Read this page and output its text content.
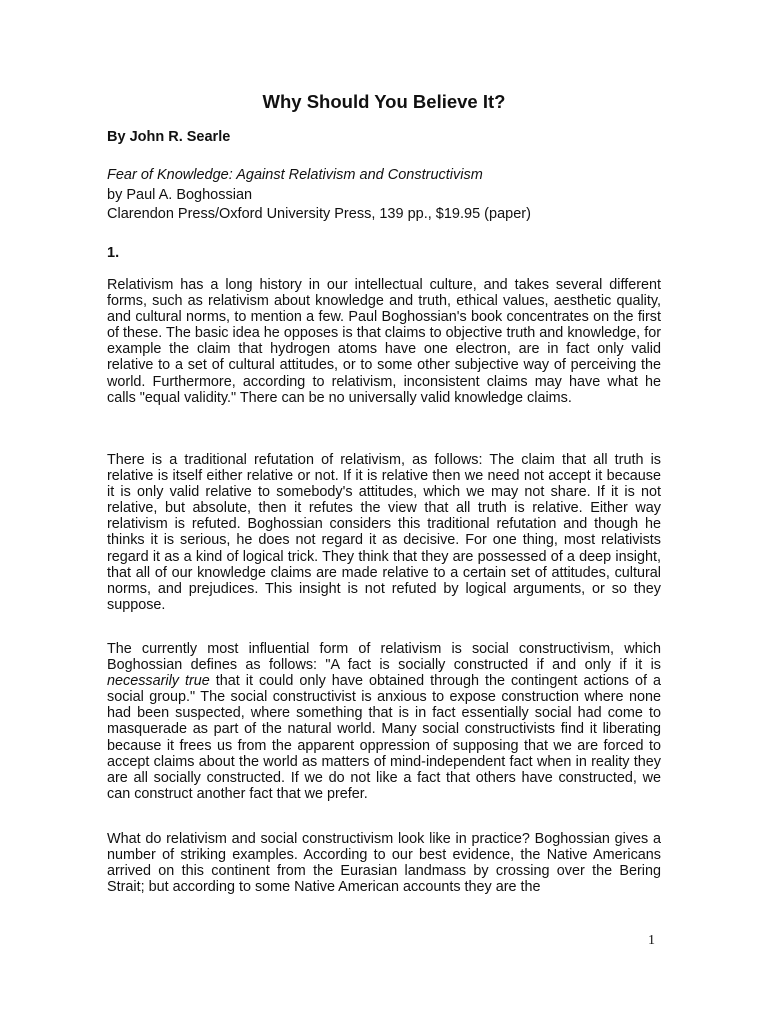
Why Should You Believe It?

By John R. Searle

Fear of Knowledge: Against Relativism and Constructivism
by Paul A. Boghossian
Clarendon Press/Oxford University Press, 139 pp., $19.95 (paper)

1.

Relativism has a long history in our intellectual culture, and takes several different forms, such as relativism about knowledge and truth, ethical values, aesthetic quality, and cultural norms, to mention a few. Paul Boghossian's book concentrates on the first of these. The basic idea he opposes is that claims to objective truth and knowledge, for example the claim that hydrogen atoms have one electron, are in fact only valid relative to a set of cultural attitudes, or to some other subjective way of perceiving the world. Furthermore, according to relativism, inconsistent claims may have what he calls "equal validity." There can be no universally valid knowledge claims.

There is a traditional refutation of relativism, as follows: The claim that all truth is relative is itself either relative or not. If it is relative then we need not accept it because it is only valid relative to somebody's attitudes, which we may not share. If it is not relative, but absolute, then it refutes the view that all truth is relative. Either way relativism is refuted. Boghossian considers this traditional refutation and though he thinks it is serious, he does not regard it as decisive. For one thing, most relativists regard it as a kind of logical trick. They think that they are possessed of a deep insight, that all of our knowledge claims are made relative to a certain set of attitudes, cultural norms, and prejudices. This insight is not refuted by logical arguments, or so they suppose.

The currently most influential form of relativism is social constructivism, which Boghossian defines as follows: "A fact is socially constructed if and only if it is necessarily true that it could only have obtained through the contingent actions of a social group." The social constructivist is anxious to expose construction where none had been suspected, where something that is in fact essentially social had come to masquerade as part of the natural world. Many social constructivists find it liberating because it frees us from the apparent oppression of supposing that we are forced to accept claims about the world as matters of mind-independent fact when in reality they are all socially constructed. If we do not like a fact that others have constructed, we can construct another fact that we prefer.

What do relativism and social constructivism look like in practice? Boghossian gives a number of striking examples. According to our best evidence, the Native Americans arrived on this continent from the Eurasian landmass by crossing over the Bering Strait; but according to some Native American accounts they are the

1
